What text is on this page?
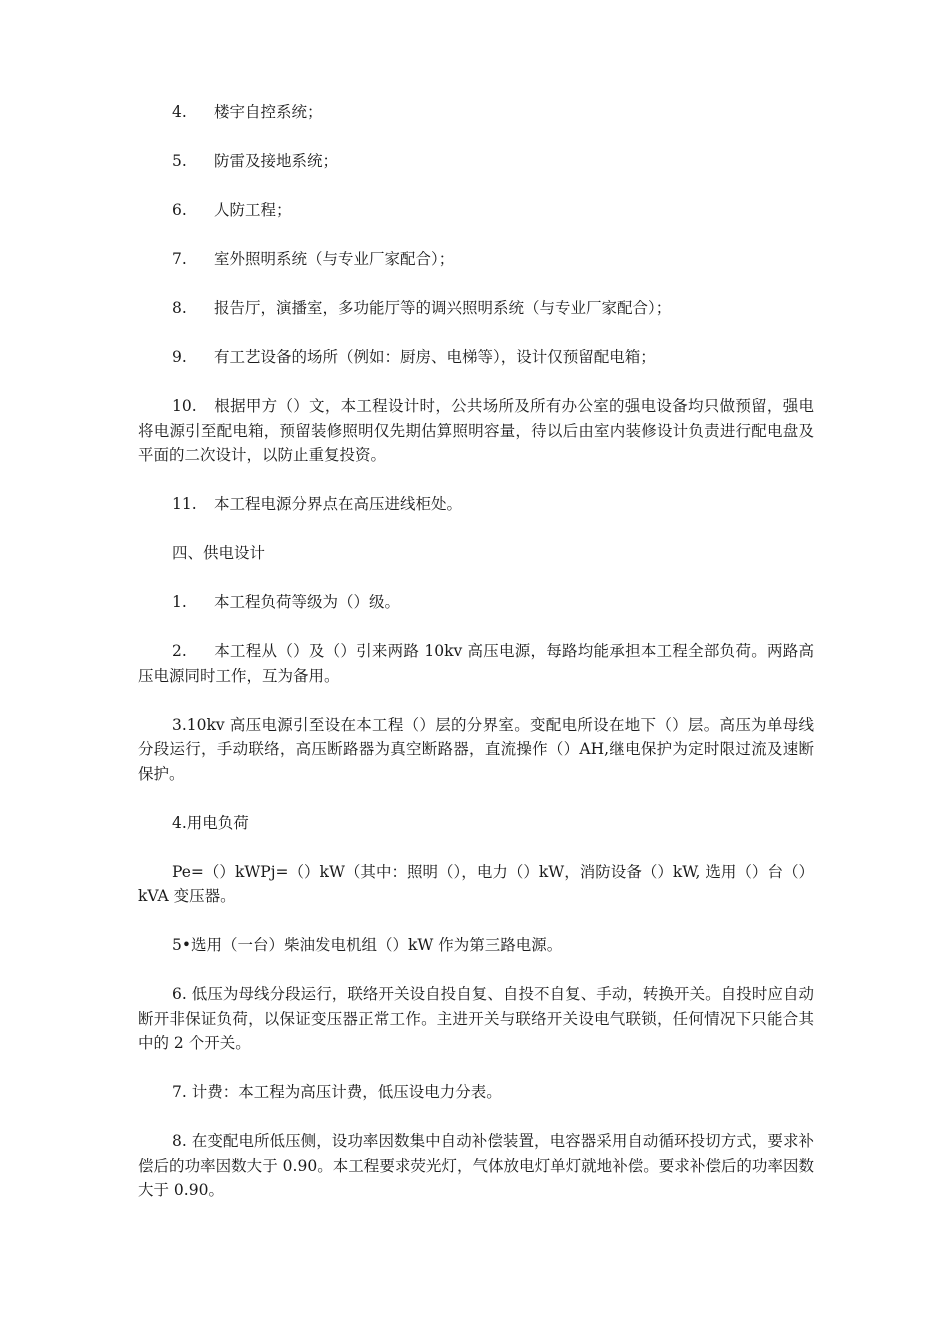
4. 楼宇自控系统；

5. 防雷及接地系统；

6. 人防工程；

7. 室外照明系统（与专业厂家配合）；

8. 报告厅，演播室，多功能厅等的调兴照明系统（与专业厂家配合）；

9. 有工艺设备的场所（例如：厨房、电梯等），设计仅预留配电箱；

10. 根据甲方（）文，本工程设计时，公共场所及所有办公室的强电设备均只做预留，强电将电源引至配电箱，预留装修照明仅先期估算照明容量，待以后由室内装修设计负责进行配电盘及平面的二次设计，以防止重复投资。

11. 本工程电源分界点在高压进线柜处。

四、供电设计

1. 本工程负荷等级为（）级。

2. 本工程从（）及（）引来两路 10kv 高压电源，每路均能承担本工程全部负荷。两路高压电源同时工作，互为备用。

3.10kv 高压电源引至设在本工程（）层的分界室。变配电所设在地下（）层。高压为单母线分段运行，手动联络，高压断路器为真空断路器，直流操作（）AH,继电保护为定时限过流及速断保护。

4.用电负荷

Pe=（）kWPj=（）kW（其中：照明（），电力（）kW，消防设备（）kW, 选用（）台（）kVA 变压器。

5•选用（一台）柴油发电机组（）kW 作为第三路电源。

6. 低压为母线分段运行，联络开关设自投自复、自投不自复、手动，转换开关。自投时应自动断开非保证负荷，以保证变压器正常工作。主进开关与联络开关设电气联锁，任何情况下只能合其中的 2 个开关。

7. 计费：本工程为高压计费，低压设电力分表。

8. 在变配电所低压侧，设功率因数集中自动补偿装置，电容器采用自动循环投切方式，要求补偿后的功率因数大于 0.90。本工程要求荧光灯，气体放电灯单灯就地补偿。要求补偿后的功率因数大于 0.90。
